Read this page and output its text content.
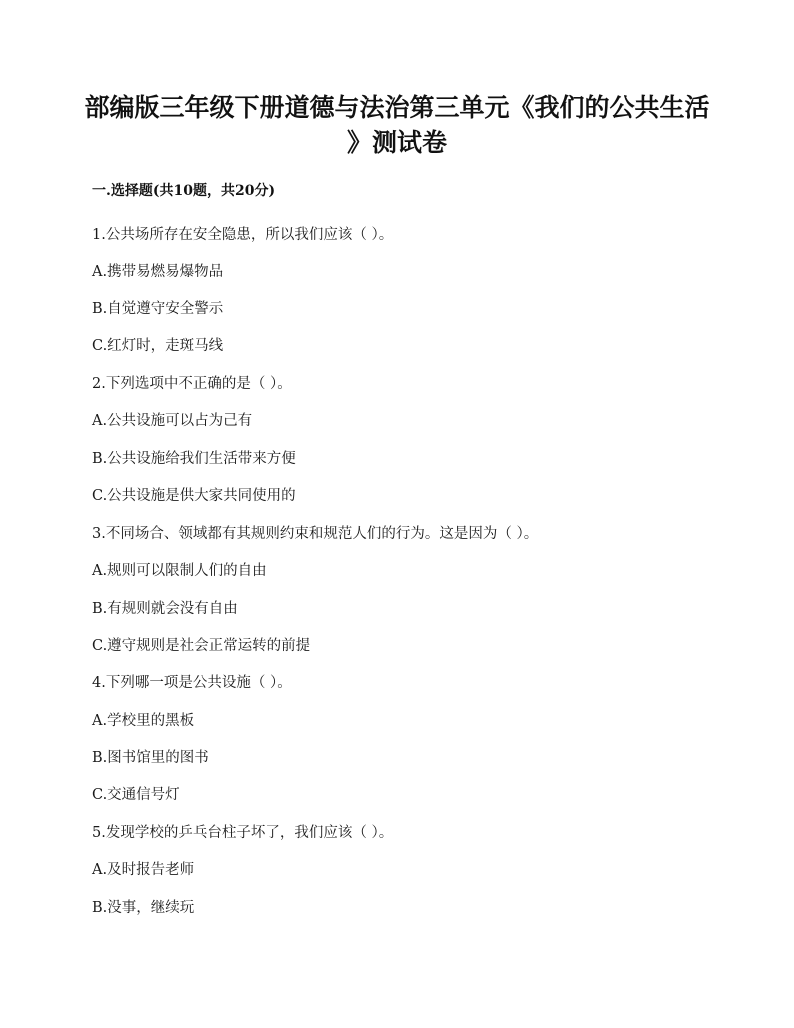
部编版三年级下册道德与法治第三单元《我们的公共生活
》测试卷
一.选择题(共10题，共20分)
1.公共场所存在安全隐患，所以我们应该（ ）。
A.携带易燃易爆物品
B.自觉遵守安全警示
C.红灯时，走斑马线
2.下列选项中不正确的是（ ）。
A.公共设施可以占为己有
B.公共设施给我们生活带来方便
C.公共设施是供大家共同使用的
3.不同场合、领域都有其规则约束和规范人们的行为。这是因为（ ）。
A.规则可以限制人们的自由
B.有规则就会没有自由
C.遵守规则是社会正常运转的前提
4.下列哪一项是公共设施（ ）。
A.学校里的黑板
B.图书馆里的图书
C.交通信号灯
5.发现学校的乒乓台柱子坏了，我们应该（ ）。
A.及时报告老师
B.没事，继续玩
